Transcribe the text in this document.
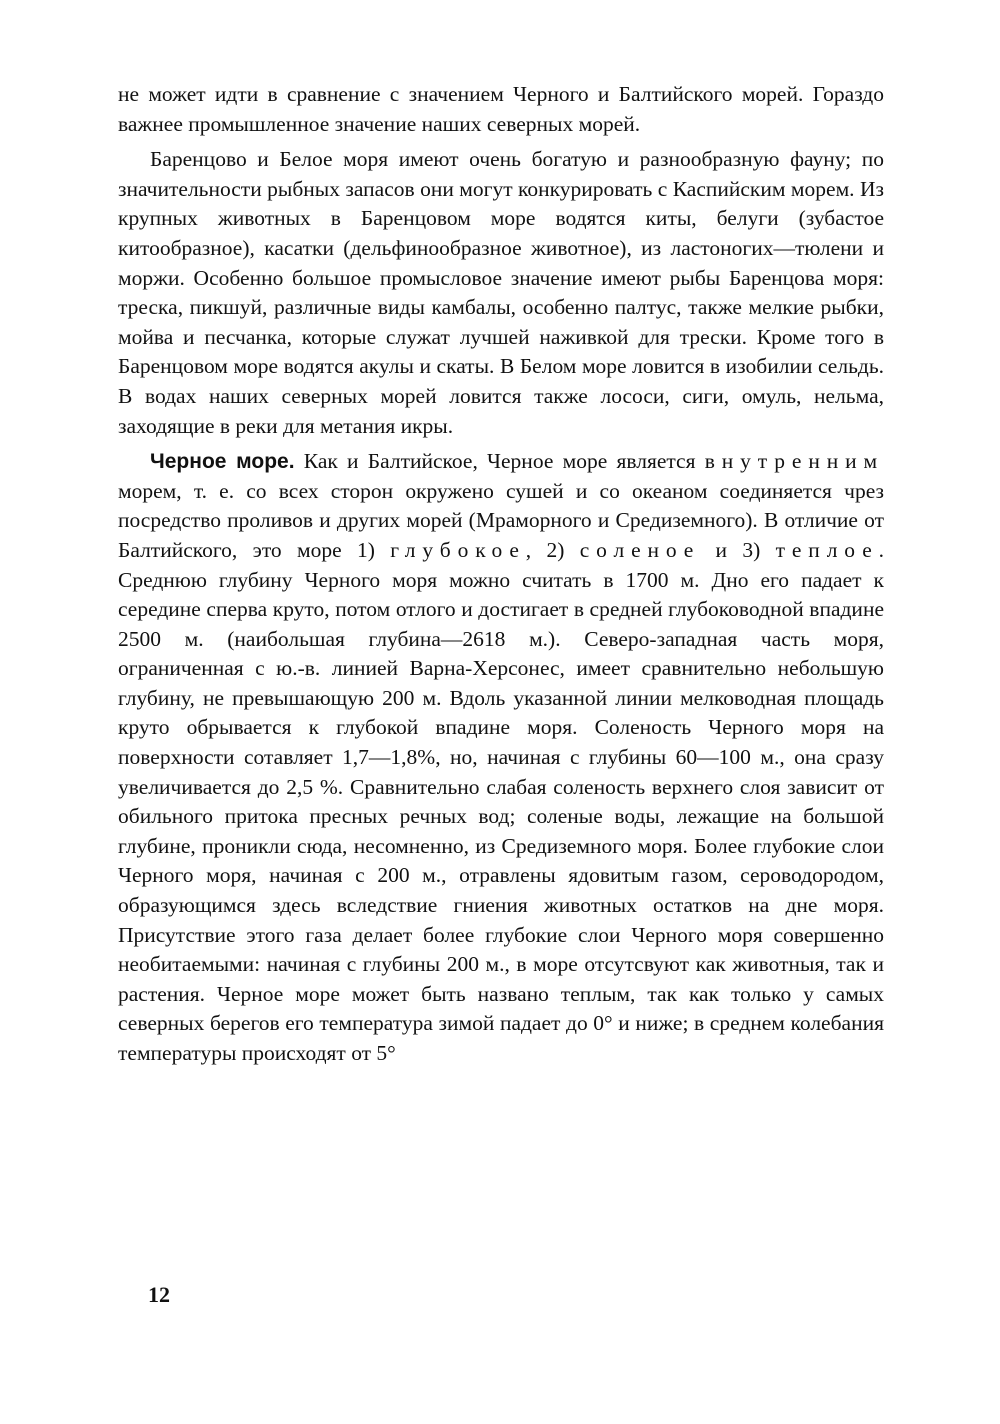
не может идти в сравнение с значением Черного и Балтийского морей. Гораздо важнее промышленное значение наших северных морей.

Баренцово и Белое моря имеют очень богатую и разнообразную фауну; по значительности рыбных запасов они могут конкурировать с Каспийским морем. Из крупных животных в Баренцовом море водятся киты, белуги (зубастое китообразное), касатки (дельфинообразное животное), из ластоногих—тюлени и моржи. Особенно большое промысловое значение имеют рыбы Баренцова моря: треска, пикшуй, различные виды камбалы, особенно палтус, также мелкие рыбки, мойва и песчанка, которые служат лучшей наживкой для трески. Кроме того в Баренцовом море водятся акулы и скаты. В Белом море ловится в изобилии сельдь. В водах наших северных морей ловится также лососи, сиги, омуль, нельма, заходящие в реки для метания икры.

Черное море. Как и Балтийское, Черное море является внутренним морем, т. е. со всех сторон окружено сушей и со океаном соединяется чрез посредство проливов и других морей (Мраморного и Средиземного). В отличие от Балтийского, это море 1) глубокое, 2) соленое и 3) теплое. Среднюю глубину Черного моря можно считать в 1700 м. Дно его падает к середине сперва круто, потом отлого и достигает в средней глубоководной впадине 2500 м. (наибольшая глубина—2618 м.). Северо-западная часть моря, ограниченная с ю.-в. линией Варна-Херсонес, имеет сравнительно небольшую глубину, не превышающую 200 м. Вдоль указанной линии мелководная площадь круто обрывается к глубокой впадине моря. Соленость Черного моря на поверхности сотавляет 1,7—1,8%, но, начиная с глубины 60—100 м., она сразу увеличивается до 2,5 %. Сравнительно слабая соленость верхнего слоя зависит от обильного притока пресных речных вод; соленые воды, лежащие на большой глубине, проникли сюда, несомненно, из Средиземного моря. Более глубокие слои Черного моря, начиная с 200 м., отравлены ядовитым газом, сероводородом, образующимся здесь вследствие гниения животных остатков на дне моря. Присутствие этого газа делает более глубокие слои Черного моря совершенно необитаемыми: начиная с глубины 200 м., в море отсутсвуют как животныя, так и растения. Черное море может быть названо теплым, так как только у самых северных берегов его температура зимой падает до 0° и ниже; в среднем колебания температуры происходят от 5°

12
